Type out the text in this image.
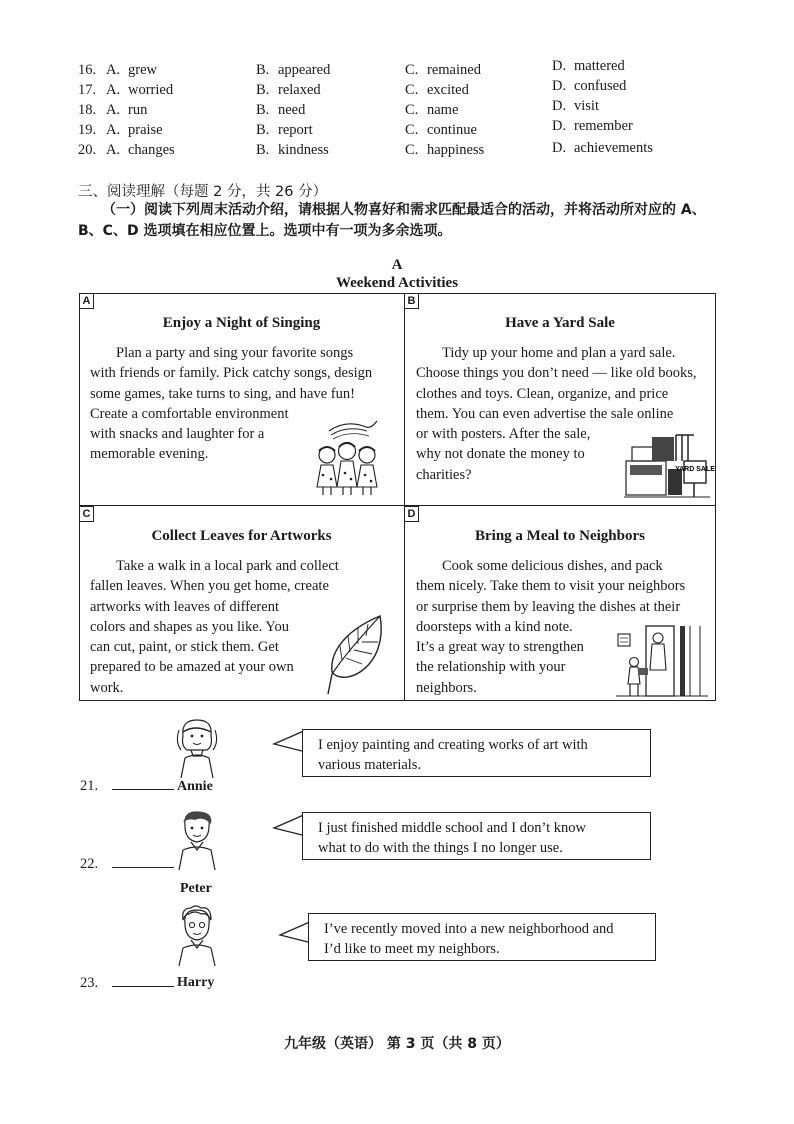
16. A. grew	B. appeared	C. remained	D. mattered
17. A. worried	B. relaxed	C. excited	D. confused
18. A. run	B. need	C. name	D. visit
19. A. praise	B. report	C. continue	D. remember
20. A. changes	B. kindness	C. happiness	D. achievements
三、阅读理解（每题 2 分，共 26 分）
（一）阅读下列周末活动介绍，请根据人物喜好和需求匹配最适合的活动，并将活动所对应的 A、B、C、D 选项填在相应位置上。选项中有一项为多余选项。
A
Weekend Activities
A
Enjoy a Night of Singing
Plan a party and sing your favorite songs
with friends or family. Pick catchy songs, design
some games, take turns to sing, and have fun!
Create a comfortable environment
with snacks and laughter for a
memorable evening.
B
Have a Yard Sale
Tidy up your home and plan a yard sale.
Choose things you don’t need — like old books,
clothes and toys. Clean, organize, and price
them. You can even advertise the sale online
or with posters. After the sale,
why not donate the money to
charities?	YARD SALE
C
Collect Leaves for Artworks
Take a walk in a local park and collect
fallen leaves. When you get home, create
artworks with leaves of different
colors and shapes as you like. You
can cut, paint, or stick them. Get
prepared to be amazed at your own
work.
D
Bring a Meal to Neighbors
Cook some delicious dishes, and pack
them nicely. Take them to visit your neighbors
or surprise them by leaving the dishes at their
doorsteps with a kind note.
It’s a great way to strengthen
the relationship with your
neighbors.
I enjoy painting and creating works of art with
various materials.
21.	Annie
I just finished middle school and I don’t know
what to do with the things I no longer use.
22.
Peter
I’ve recently moved into a new neighborhood and
I’d like to meet my neighbors.
23.	Harry
九年级（英语） 第 3 页（共 8 页）
